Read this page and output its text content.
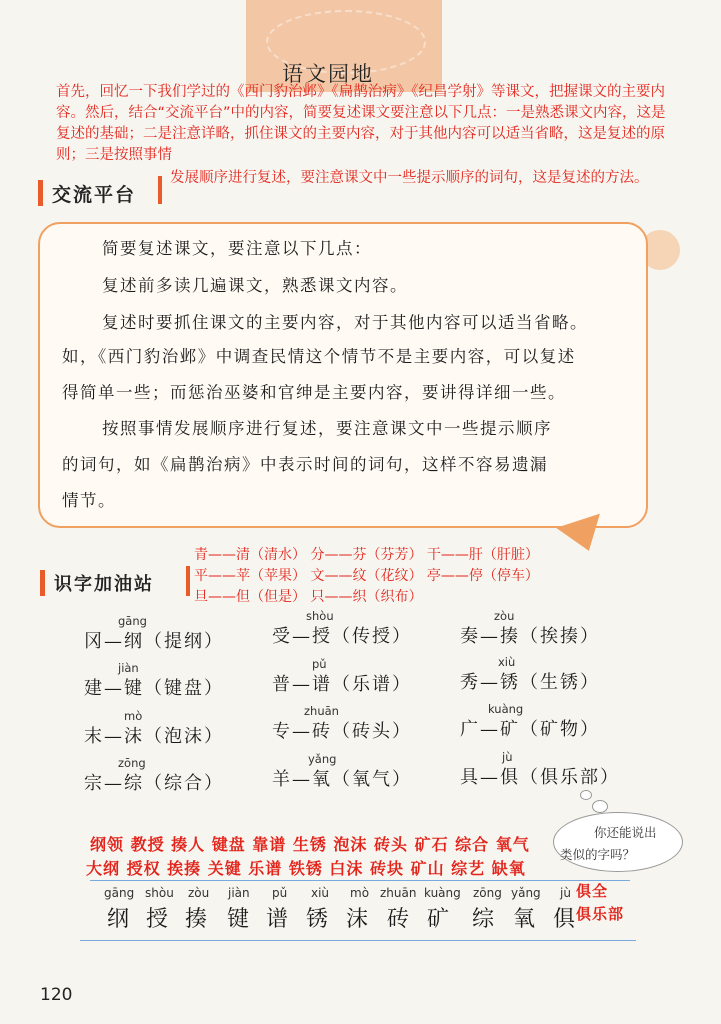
语文园地
首先，回忆一下我们学过的《西门豹治邺》《扁鹊治病》《纪昌学射》等课文，把握课文的主要内容。然后，结合“交流平台”中的内容，简要复述课文要注意以下几点：一是熟悉课文内容，这是复述的基础；二是注意详略，抓住课文的主要内容，对于其他内容可以适当省略，这是复述的原则；三是按照事情
交流平台
发展顺序进行复述，要注意课文中一些提示顺序的词句，这是复述的方法。

简要复述课文，要注意以下几点：

复述前多读几遍课文，熟悉课文内容。

复述时要抓住课文的主要内容，对于其他内容可以适当省略。

如，《西门豹治邺》中调查民情这个情节不是主要内容，可以复述

得简单一些；而惩治巫婆和官绅是主要内容，要讲得详细一些。

按照事情发展顺序进行复述，要注意课文中一些提示顺序

的词句，如《扁鹊治病》中表示时间的词句，这样不容易遗漏

情节。

识字加油站
青——清（清水） 分——芬（芬芳） 干——肝（肝脏）
平——苹（苹果） 文——纹（花纹） 亭——停（停车）
旦——但（但是） 只——织（织布）
gāng
冈—纲（提纲）
shòu
受—授（传授）
zòu
奏—揍（挨揍）
jiàn
建—键（键盘）
pǔ
普—谱（乐谱）
xiù
秀—锈（生锈）
mò
末—沫（泡沫）
zhuān
专—砖（砖头）
kuàng
广—矿（矿物）
zōng
宗—综（综合）
yǎng
羊—氧（氧气）
jù
具—俱（俱乐部）
你还能说出
类似的字吗？
纲领 教授 揍人 键盘 靠谱 生锈 泡沫 砖头 矿石 综合 氧气
大纲 授权 挨揍 关键 乐谱 铁锈 白沫 砖块 矿山 综艺 缺氧
俱全
俱乐部
gāng
纲
shòu
授
zòu
揍
jiàn
键
pǔ
谱
xiù
锈
mò
沫
zhuān
砖
kuàng
矿
zōng
综
yǎng
氧
jù
俱
120
